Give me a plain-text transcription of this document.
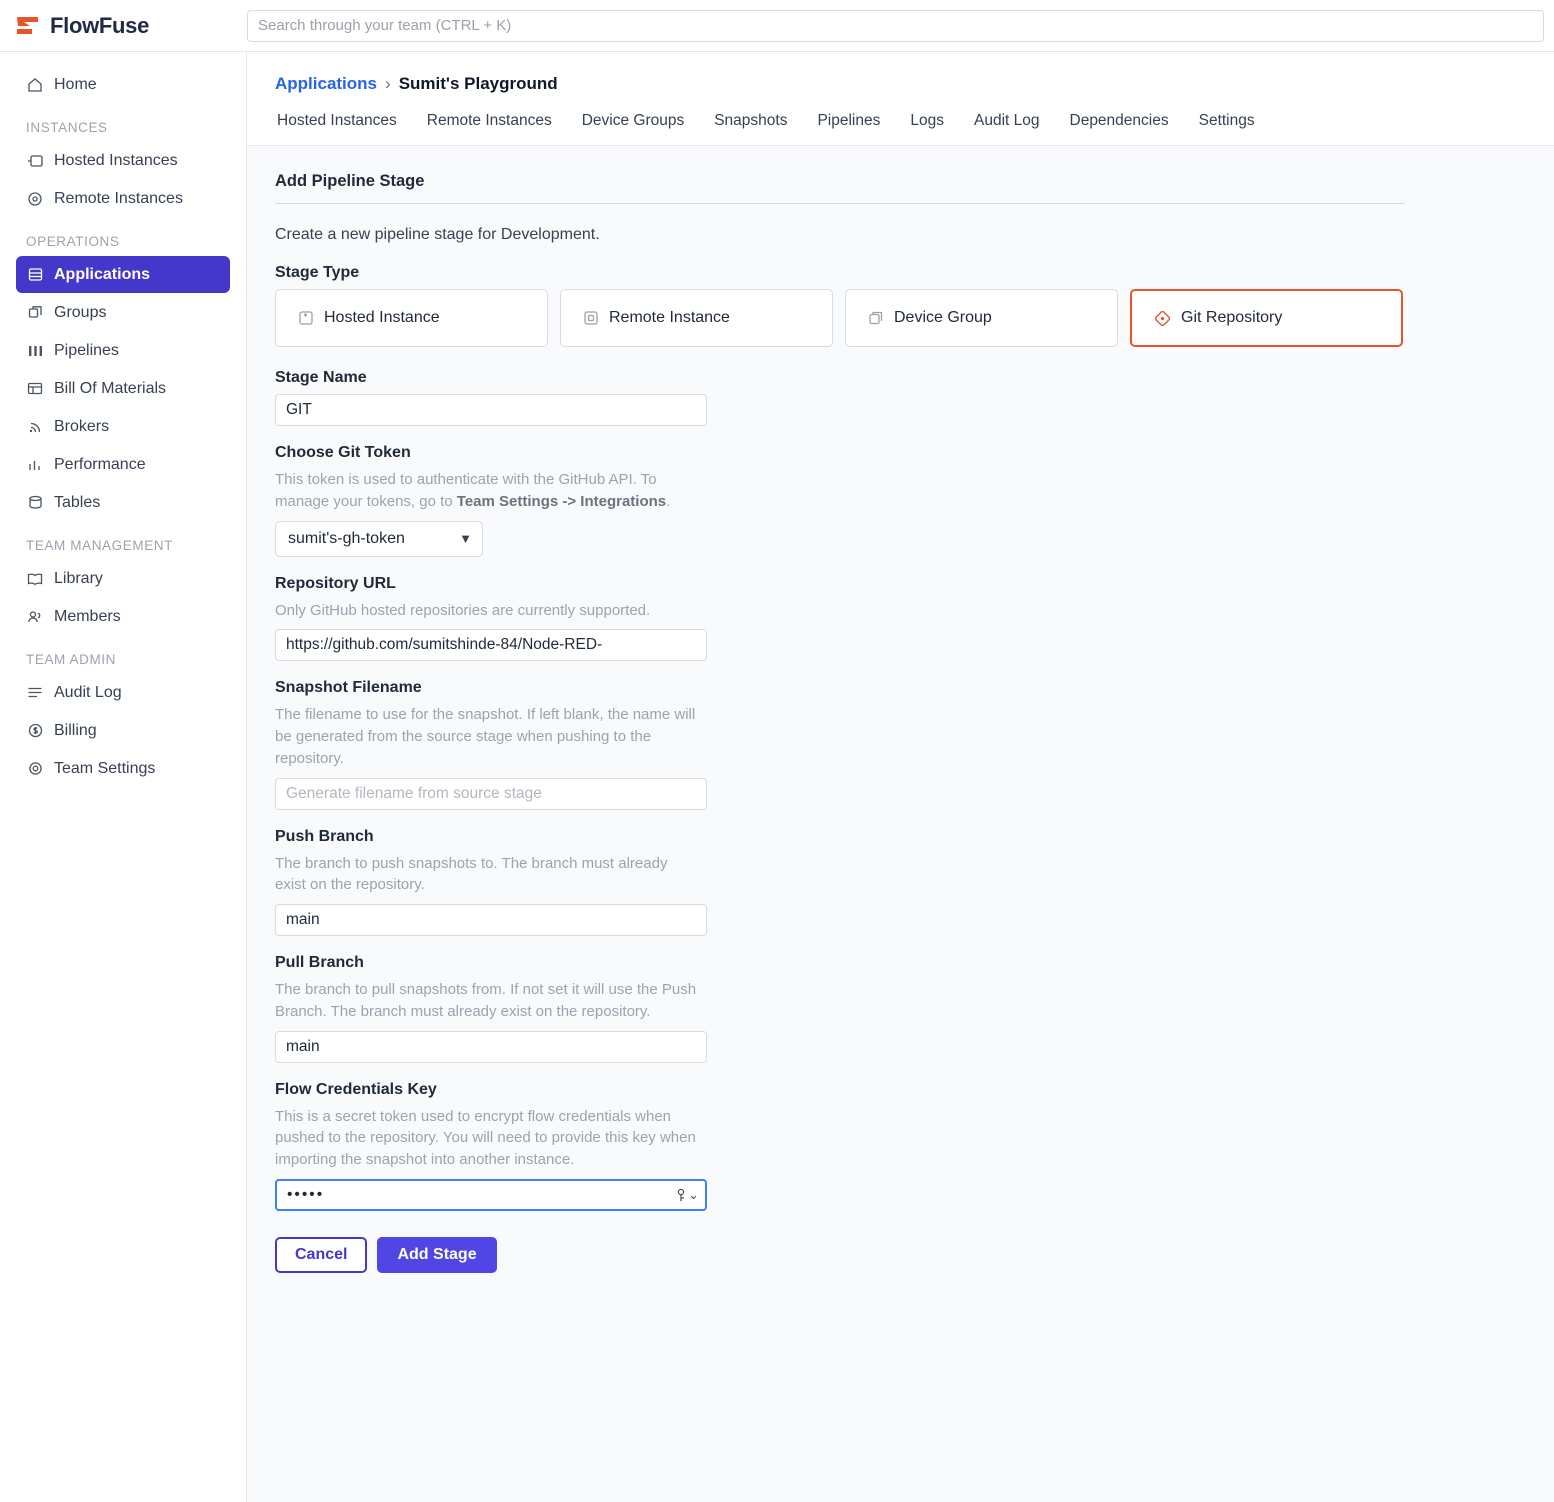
FlowFuse
Search through your team (CTRL + K)
Home
INSTANCES
Hosted Instances
Remote Instances
OPERATIONS
Applications
Groups
Pipelines
Bill Of Materials
Brokers
Performance
Tables
TEAM MANAGEMENT
Library
Members
TEAM ADMIN
Audit Log
Billing
Team Settings
Applications › Sumit's Playground
Hosted Instances Remote Instances Device Groups Snapshots Pipelines Logs Audit Log Dependencies Settings
Add Pipeline Stage
Create a new pipeline stage for Development.
Stage Type
Hosted Instance	Remote Instance	Device Group	Git Repository
Stage Name
GIT
Choose Git Token
This token is used to authenticate with the GitHub API. To manage your tokens, go to Team Settings -> Integrations.
sumit's-gh-token	▼
Repository URL
Only GitHub hosted repositories are currently supported.
https://github.com/sumitshinde-84/Node-RED-
Snapshot Filename
The filename to use for the snapshot. If left blank, the name will be generated from the source stage when pushing to the repository.
Generate filename from source stage
Push Branch
The branch to push snapshots to. The branch must already exist on the repository.
main
Pull Branch
The branch to pull snapshots from. If not set it will use the Push Branch. The branch must already exist on the repository.
main
Flow Credentials Key
This is a secret token used to encrypt flow credentials when pushed to the repository. You will need to provide this key when importing the snapshot into another instance.
•••••
⌄
Cancel	Add Stage
